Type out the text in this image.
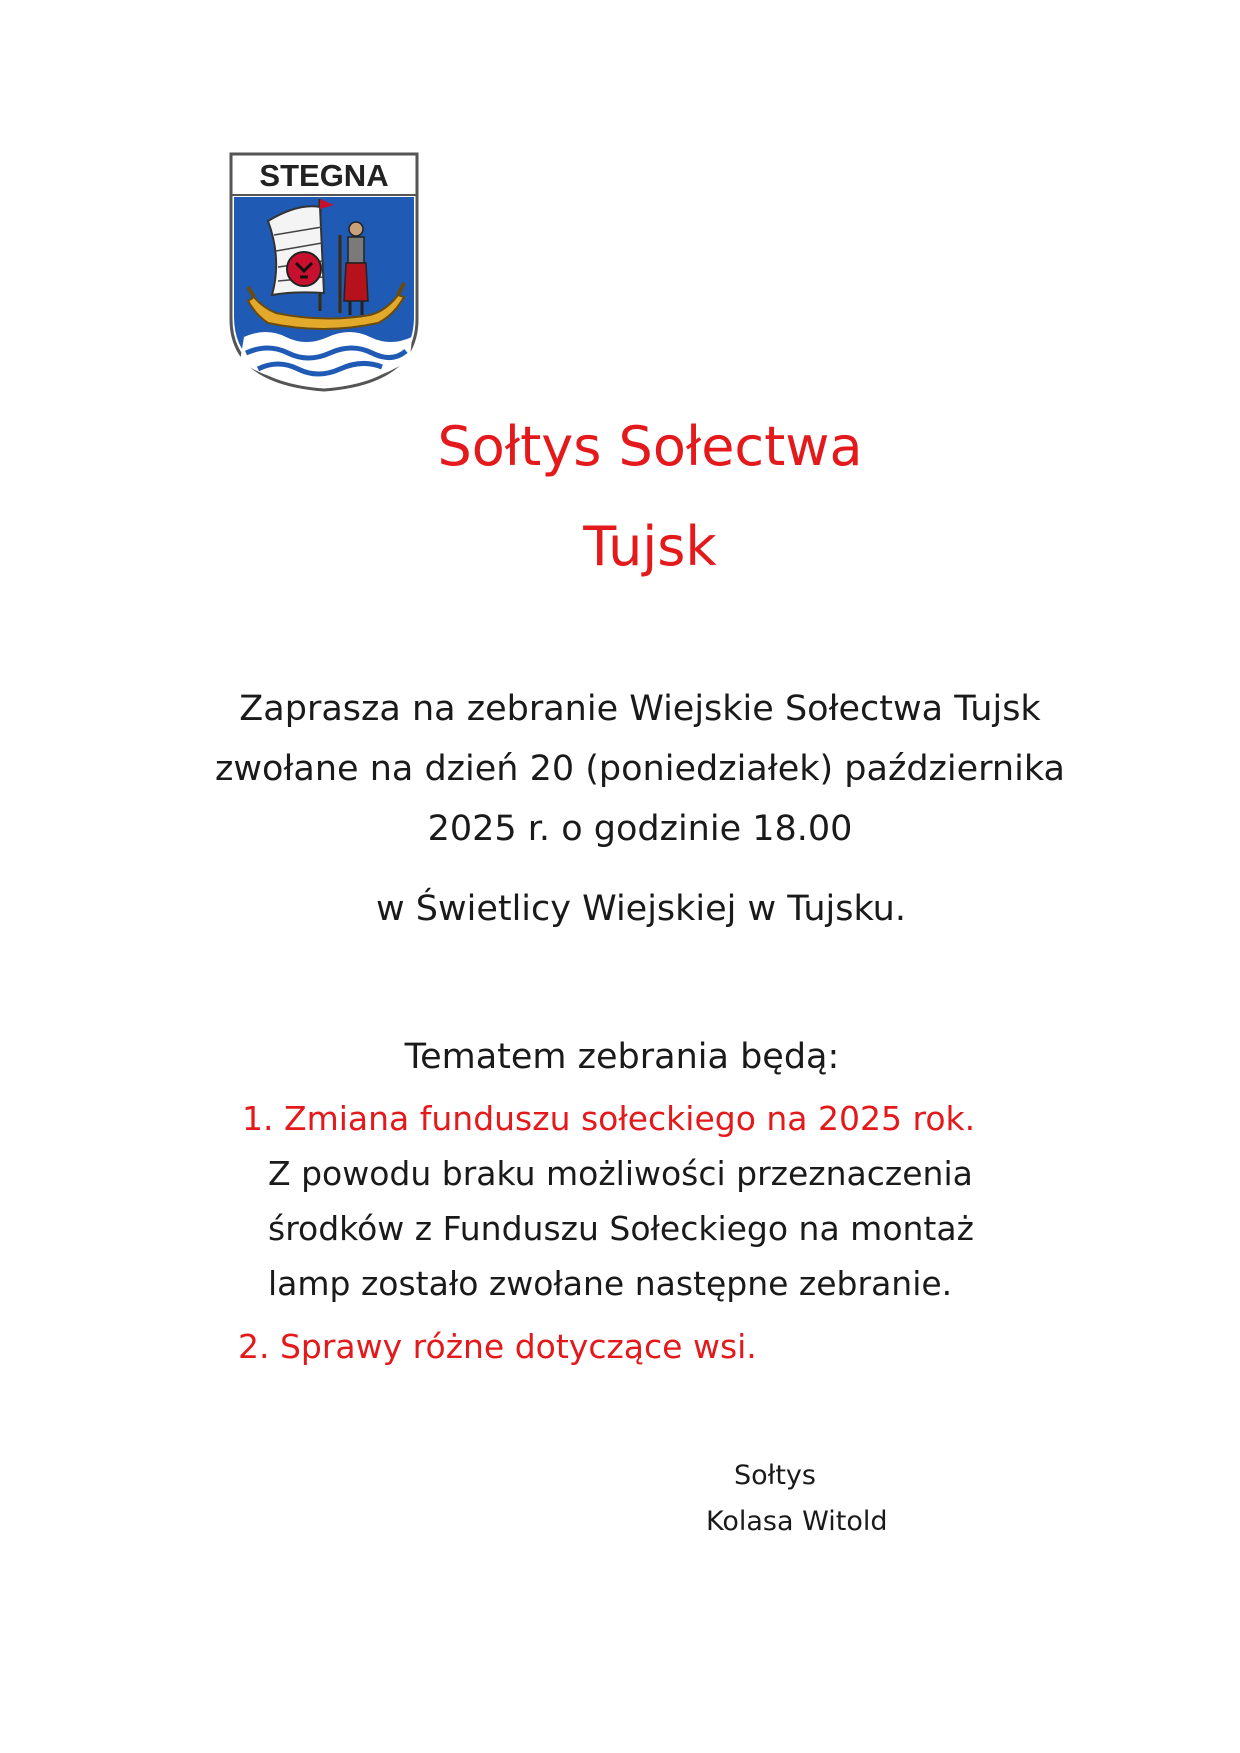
STEGNA
Sołtys Sołectwa
Tujsk
Zaprasza na zebranie Wiejskie Sołectwa Tujsk
zwołane na dzień 20 (poniedziałek) października
2025 r. o godzinie 18.00
w Świetlicy Wiejskiej w Tujsku.
Tematem zebrania będą:
1. Zmiana funduszu sołeckiego na 2025 rok.
Z powodu braku możliwości przeznaczenia
środków z Funduszu Sołeckiego na montaż
lamp zostało zwołane następne zebranie.
2. Sprawy różne dotyczące wsi.
Sołtys
Kolasa Witold
